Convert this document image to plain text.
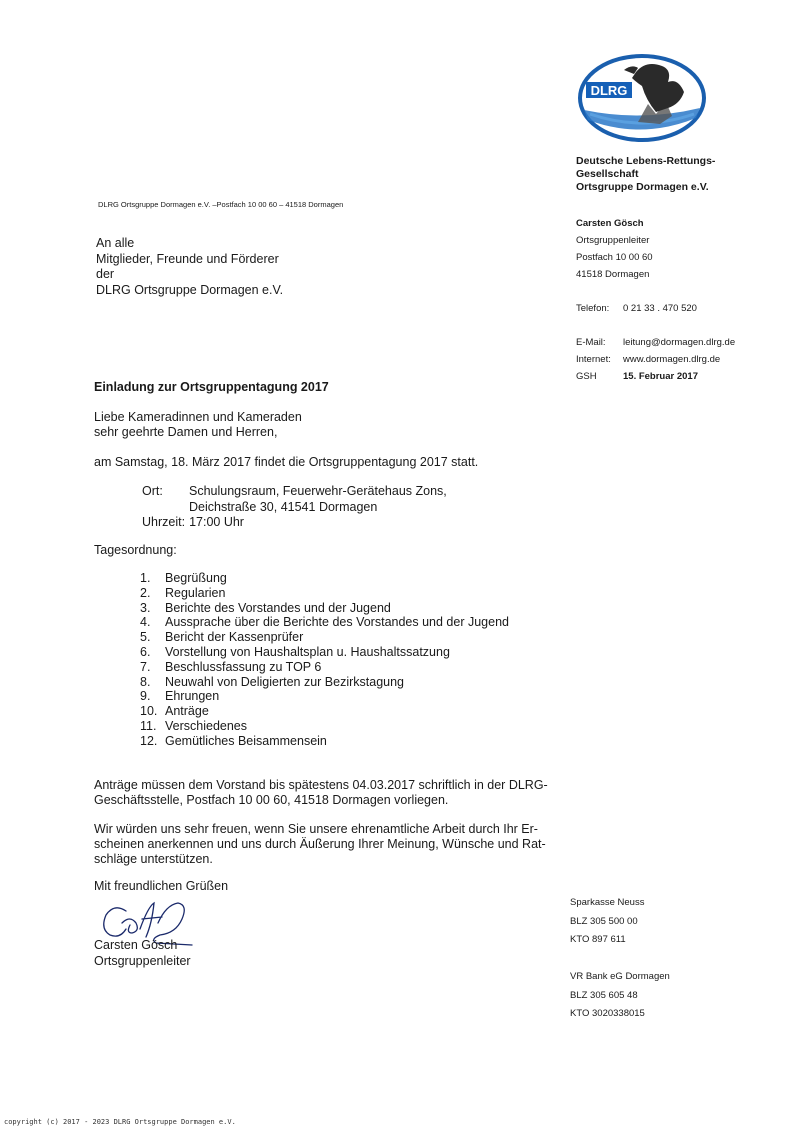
DLRG
Deutsche Lebens-Rettungs-
Gesellschaft
Ortsgruppe Dormagen e.V.
DLRG Ortsgruppe Dormagen e.V. –Postfach 10 00 60 – 41518 Dormagen
An alle
Mitglieder, Freunde und Förderer
der
DLRG Ortsgruppe Dormagen e.V.
Carsten Gösch
Ortsgruppenleiter
Postfach 10 00 60
41518 Dormagen
Telefon:	0 21 33 . 470 520
E-Mail:	leitung@dormagen.dlrg.de
Internet:	www.dormagen.dlrg.de
GSH	15. Februar 2017
Einladung zur Ortsgruppentagung 2017
Liebe Kameradinnen und Kameraden
sehr geehrte Damen und Herren,
am Samstag, 18. März 2017 findet die Ortsgruppentagung 2017 statt.
Ort:	Schulungsraum, Feuerwehr-Gerätehaus Zons,
Deichstraße 30, 41541 Dormagen
Uhrzeit: 17:00 Uhr
Tagesordnung:
1.	Begrüßung
2.	Regularien
3.	Berichte des Vorstandes und der Jugend
4.	Aussprache über die Berichte des Vorstandes und der Jugend
5.	Bericht der Kassenprüfer
6.	Vorstellung von Haushaltsplan u. Haushaltssatzung
7.	Beschlussfassung zu TOP 6
8.	Neuwahl von Deligierten zur Bezirkstagung
9.	Ehrungen
10. Anträge
11. Verschiedenes
12. Gemütliches Beisammensein
Anträge müssen dem Vorstand bis spätestens 04.03.2017 schriftlich in der DLRG-
Geschäftsstelle, Postfach 10 00 60, 41518 Dormagen vorliegen.
Wir würden uns sehr freuen, wenn Sie unsere ehrenamtliche Arbeit durch Ihr Er-
scheinen anerkennen und uns durch Äußerung Ihrer Meinung, Wünsche und Rat-
schläge unterstützen.
Mit freundlichen Grüßen
Carsten Gösch
Ortsgruppenleiter
Sparkasse Neuss
BLZ 305 500 00
KTO 897 611
VR Bank eG Dormagen
BLZ 305 605 48
KTO 3020338015
copyright (c) 2017 - 2023 DLRG Ortsgruppe Dormagen e.V.
